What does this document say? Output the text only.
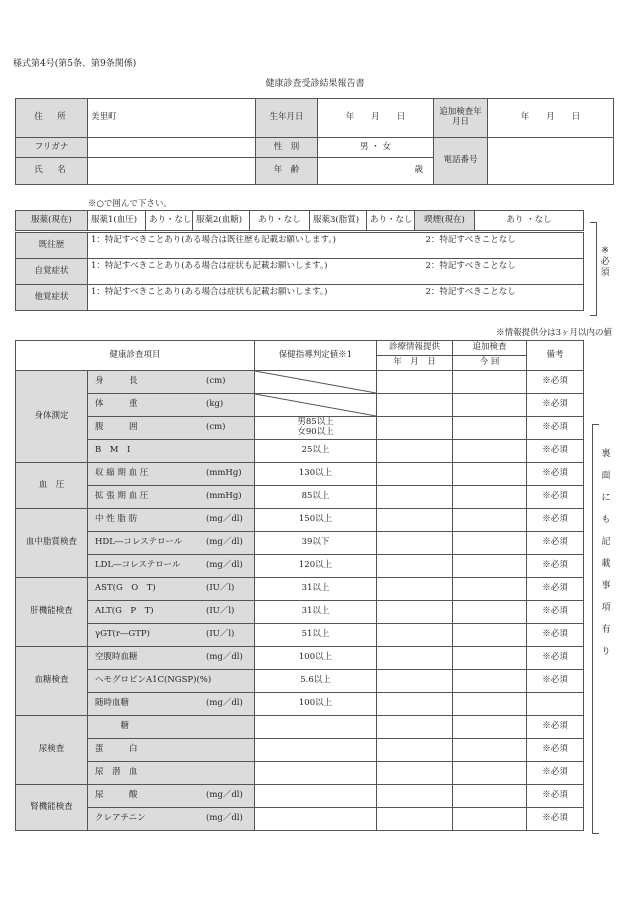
様式第4号(第5条、第9条関係)
健康診査受診結果報告書
住　所	美里町	生年月日	年　　月　　日	追加検査年月日	年　　月　　日
フリガナ		性　別	男 ・ 女	電話番号	
氏　名		年　齢	歳		
※○で囲んで下さい。
服薬(現在)	服薬1(血圧)	あり・なし	服薬2(血糖)	あり・なし	服薬3(脂質)	あり・なし	喫煙(現在)	あり ・なし
既往歴	1：特記すべきことあり(ある場合は既往歴も記載お願いします。) 2：特記すべきことなし

自覚症状	1：特記すべきことあり(ある場合は症状も記載お願いします。) 2：特記すべきことなし

他覚症状	1：特記すべきことあり(ある場合は症状も記載お願いします。) 2：特記すべきことなし
※
必
須
※情報提供分は3ヶ月以内の値
健康診査項目		保健指導判定値※1	診療情報提供	追加検査	備考
			年　月　日	今 回	
身体測定	身　　　長 (cm)				※必須
	体　　　重 (kg)				※必須
	腹　　　囲 (cm)	男85以上
女90以上			※必須
	B　M　I	25以上			※必須
血　圧	収 縮 期 血 圧 (mmHg)	130以上			※必須
	拡 張 期 血 圧 (mmHg)	85以上			※必須
血中脂質検査	中 性 脂 肪 (mg／dl)	150以上			※必須
	HDL―コレステロール (mg／dl)	39以下			※必須
	LDL―コレステロール (mg／dl)	120以上			※必須
肝機能検査	AST(G　O　T) (IU／l)	31以上			※必須
	ALT(G　P　T) (IU／l)	31以上			※必須
	γGT(r―GTP) (IU／l)	51以上			※必須
血糖検査	空腹時血糖 (mg／dl)	100以上			※必須
	ヘモグロビンA1C(NGSP)(%)	5.6以上			※必須
	随時血糖 (mg／dl)	100以上			
尿検査	　　　糖				※必須
	蛋　　　白				※必須
	尿　潜　血				※必須
腎機能検査	尿　　　酸 (mg／dl)				※必須
	クレアチニン (mg／dl)				※必須
裏
面
に
も
記
載
事
項
有
り
